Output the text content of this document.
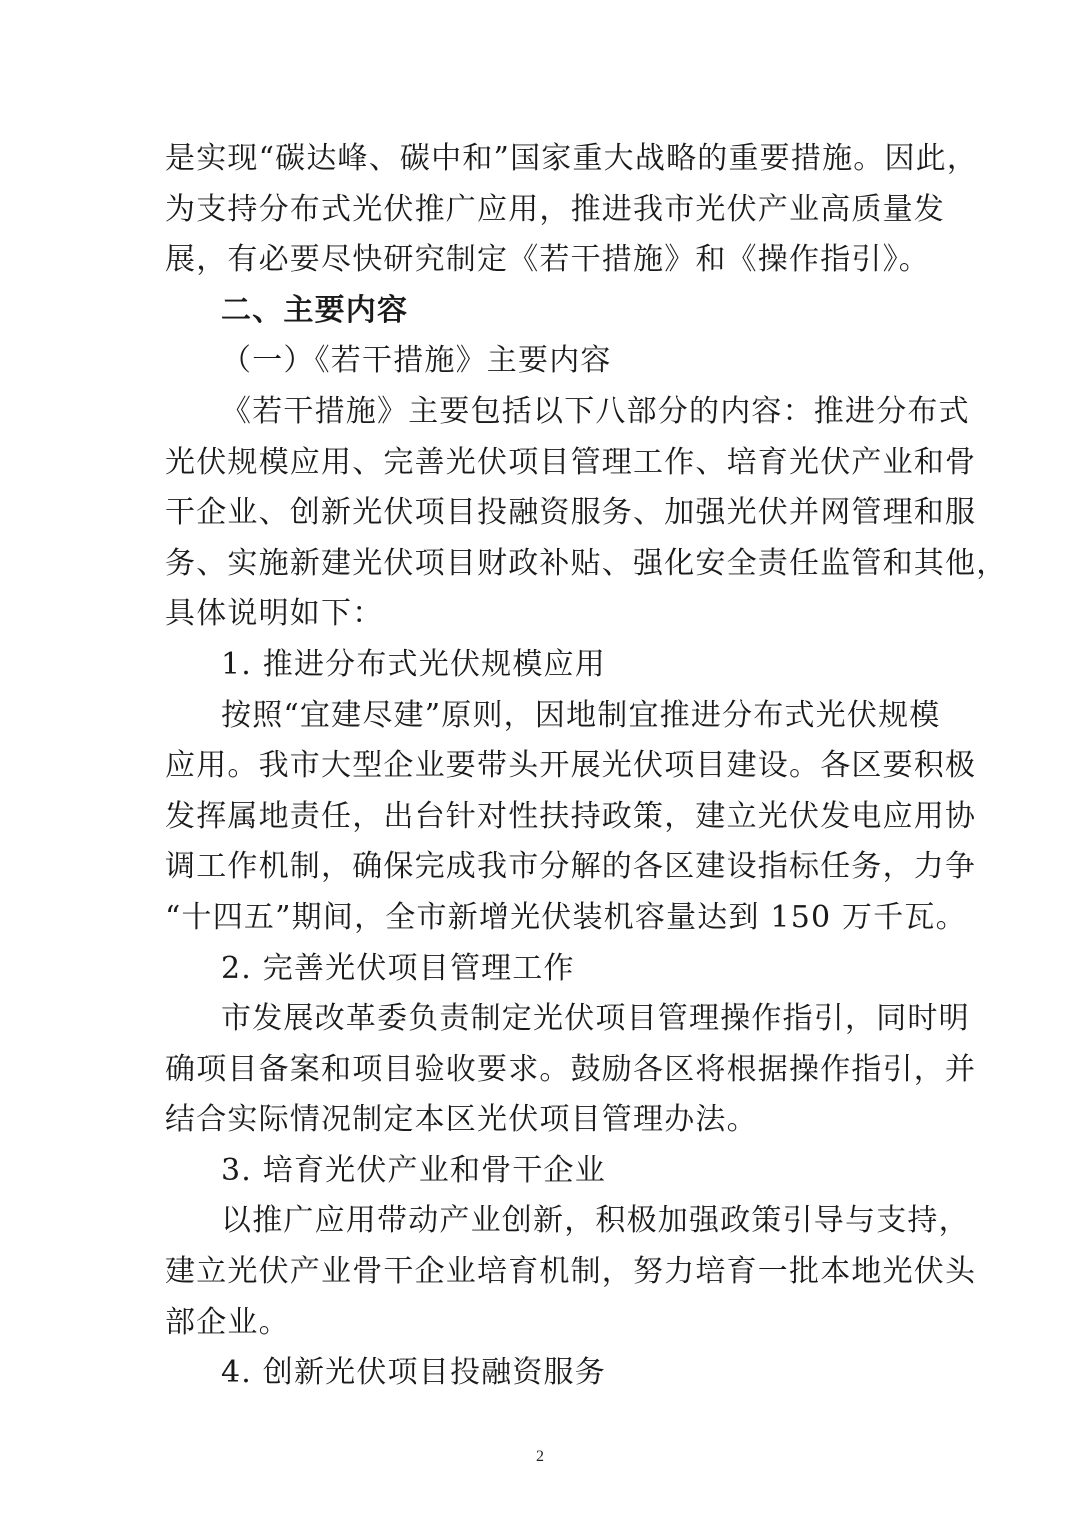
是实现“碳达峰、碳中和”国家重大战略的重要措施。因此，
为支持分布式光伏推广应用，推进我市光伏产业高质量发
展，有必要尽快研究制定《若干措施》和《操作指引》。
二、主要内容
（一）《若干措施》主要内容
《若干措施》主要包括以下八部分的内容：推进分布式
光伏规模应用、完善光伏项目管理工作、培育光伏产业和骨
干企业、创新光伏项目投融资服务、加强光伏并网管理和服
务、实施新建光伏项目财政补贴、强化安全责任监管和其他，
具体说明如下：
1. 推进分布式光伏规模应用
按照“宜建尽建”原则，因地制宜推进分布式光伏规模
应用。我市大型企业要带头开展光伏项目建设。各区要积极
发挥属地责任，出台针对性扶持政策，建立光伏发电应用协
调工作机制，确保完成我市分解的各区建设指标任务，力争
“十四五”期间，全市新增光伏装机容量达到 150 万千瓦。
2. 完善光伏项目管理工作
市发展改革委负责制定光伏项目管理操作指引，同时明
确项目备案和项目验收要求。鼓励各区将根据操作指引，并
结合实际情况制定本区光伏项目管理办法。
3. 培育光伏产业和骨干企业
以推广应用带动产业创新，积极加强政策引导与支持，
建立光伏产业骨干企业培育机制，努力培育一批本地光伏头
部企业。
4. 创新光伏项目投融资服务
2
